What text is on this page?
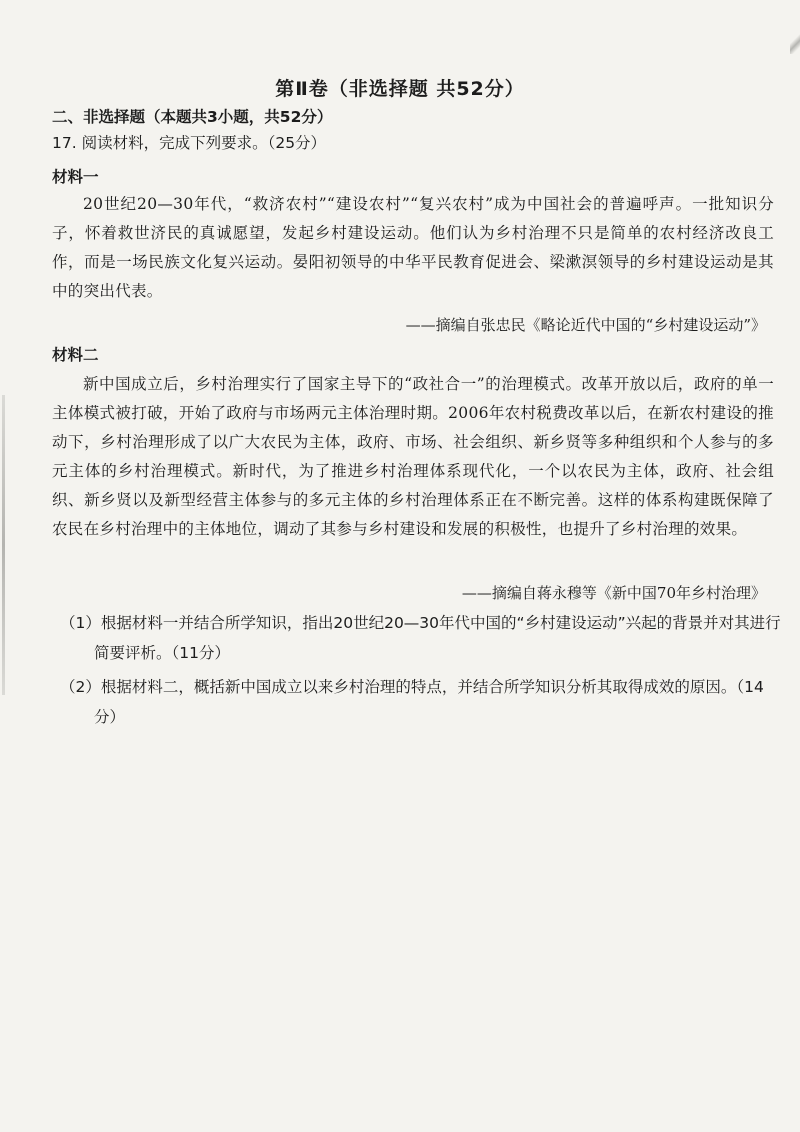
第Ⅱ卷（非选择题 共52分）
二、非选择题（本题共3小题，共52分）
17. 阅读材料，完成下列要求。（25分）
材料一
20世纪20—30年代，“救济农村”“建设农村”“复兴农村”成为中国社会的普遍呼声。一批知识分子，怀着救世济民的真诚愿望，发起乡村建设运动。他们认为乡村治理不只是简单的农村经济改良工作，而是一场民族文化复兴运动。晏阳初领导的中华平民教育促进会、梁漱溟领导的乡村建设运动是其中的突出代表。
——摘编自张忠民《略论近代中国的“乡村建设运动”》
材料二
新中国成立后，乡村治理实行了国家主导下的“政社合一”的治理模式。改革开放以后，政府的单一主体模式被打破，开始了政府与市场两元主体治理时期。2006年农村税费改革以后，在新农村建设的推动下，乡村治理形成了以广大农民为主体，政府、市场、社会组织、新乡贤等多种组织和个人参与的多元主体的乡村治理模式。新时代，为了推进乡村治理体系现代化，一个以农民为主体，政府、社会组织、新乡贤以及新型经营主体参与的多元主体的乡村治理体系正在不断完善。这样的体系构建既保障了农民在乡村治理中的主体地位，调动了其参与乡村建设和发展的积极性，也提升了乡村治理的效果。
——摘编自蒋永穆等《新中国70年乡村治理》
（1）根据材料一并结合所学知识，指出20世纪20—30年代中国的“乡村建设运动”兴起的背景并对其进行简要评析。（11分）
（2）根据材料二，概括新中国成立以来乡村治理的特点，并结合所学知识分析其取得成效的原因。（14分）
